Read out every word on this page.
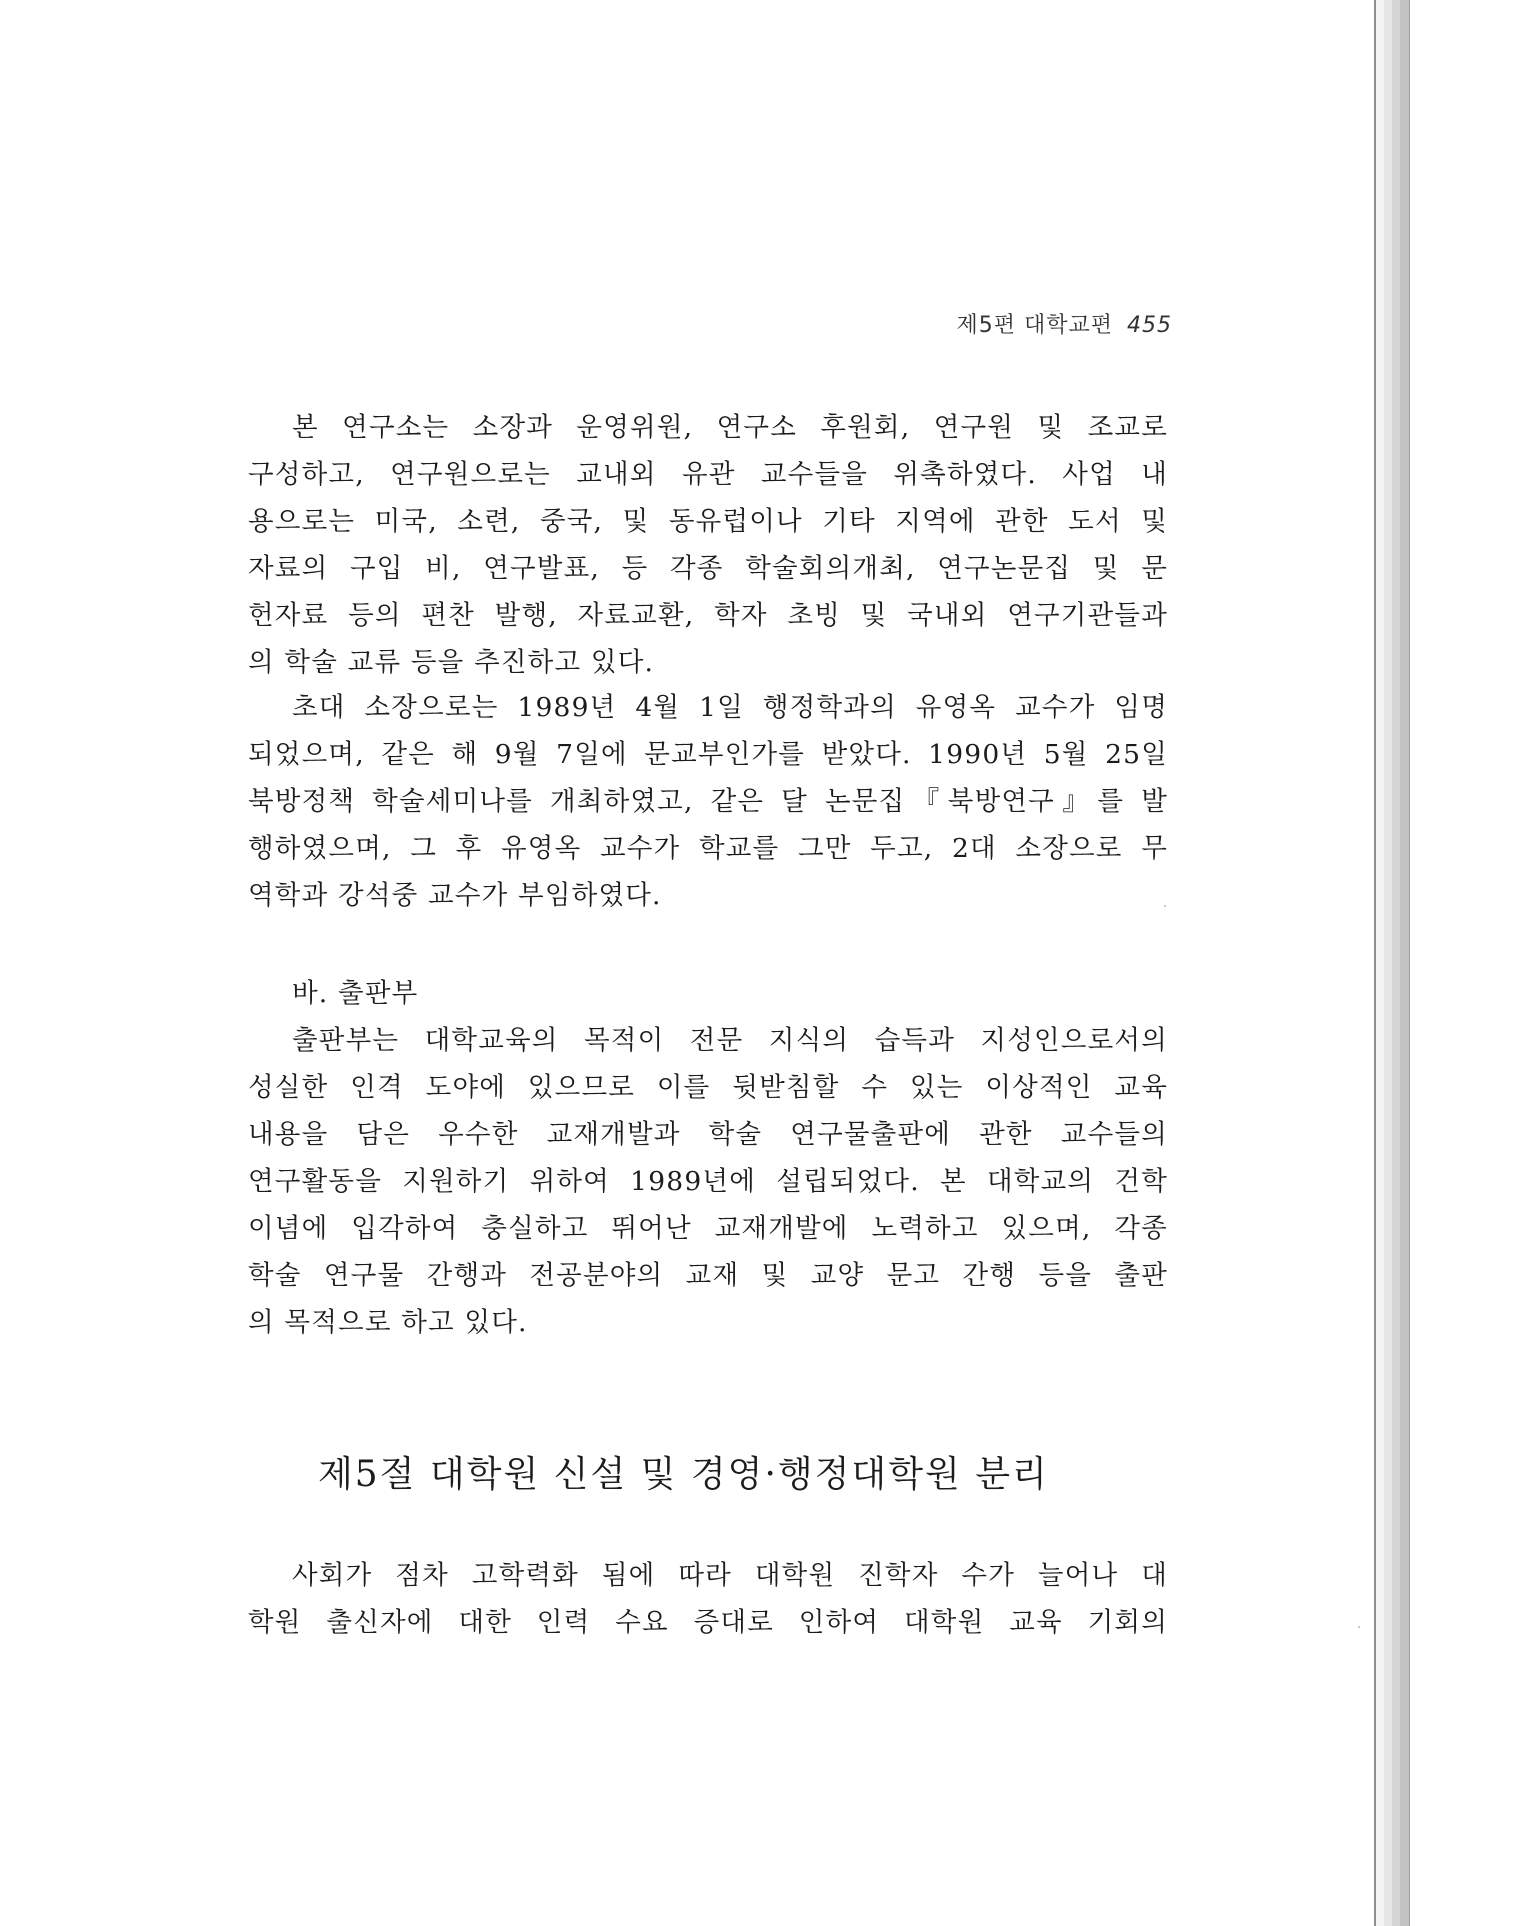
제5편 대학교편 455
본 연구소는 소장과 운영위원, 연구소 후원회, 연구원 및 조교로
구성하고, 연구원으로는 교내외 유관 교수들을 위촉하였다. 사업 내
용으로는 미국, 소련, 중국, 및 동유럽이나 기타 지역에 관한 도서 및
자료의 구입 비, 연구발표, 등 각종 학술회의개최, 연구논문집 및 문
헌자료 등의 편찬 발행, 자료교환, 학자 초빙 및 국내외 연구기관들과
의 학술 교류 등을 추진하고 있다.
초대 소장으로는 1989년 4월 1일 행정학과의 유영옥 교수가 임명
되었으며, 같은 해 9월 7일에 문교부인가를 받았다. 1990년 5월 25일
북방정책 학술세미나를 개최하였고, 같은 달 논문집『북방연구』를 발
행하였으며, 그 후 유영옥 교수가 학교를 그만 두고, 2대 소장으로 무
역학과 강석중 교수가 부임하였다.
바. 출판부
출판부는 대학교육의 목적이 전문 지식의 습득과 지성인으로서의
성실한 인격 도야에 있으므로 이를 뒷받침할 수 있는 이상적인 교육
내용을 담은 우수한 교재개발과 학술 연구물출판에 관한 교수들의
연구활동을 지원하기 위하여 1989년에 설립되었다. 본 대학교의 건학
이념에 입각하여 충실하고 뛰어난 교재개발에 노력하고 있으며, 각종
학술 연구물 간행과 전공분야의 교재 및 교양 문고 간행 등을 출판
의 목적으로 하고 있다.
제5절 대학원 신설 및 경영·행정대학원 분리
사회가 점차 고학력화 됨에 따라 대학원 진학자 수가 늘어나 대
학원 출신자에 대한 인력 수요 증대로 인하여 대학원 교육 기회의
